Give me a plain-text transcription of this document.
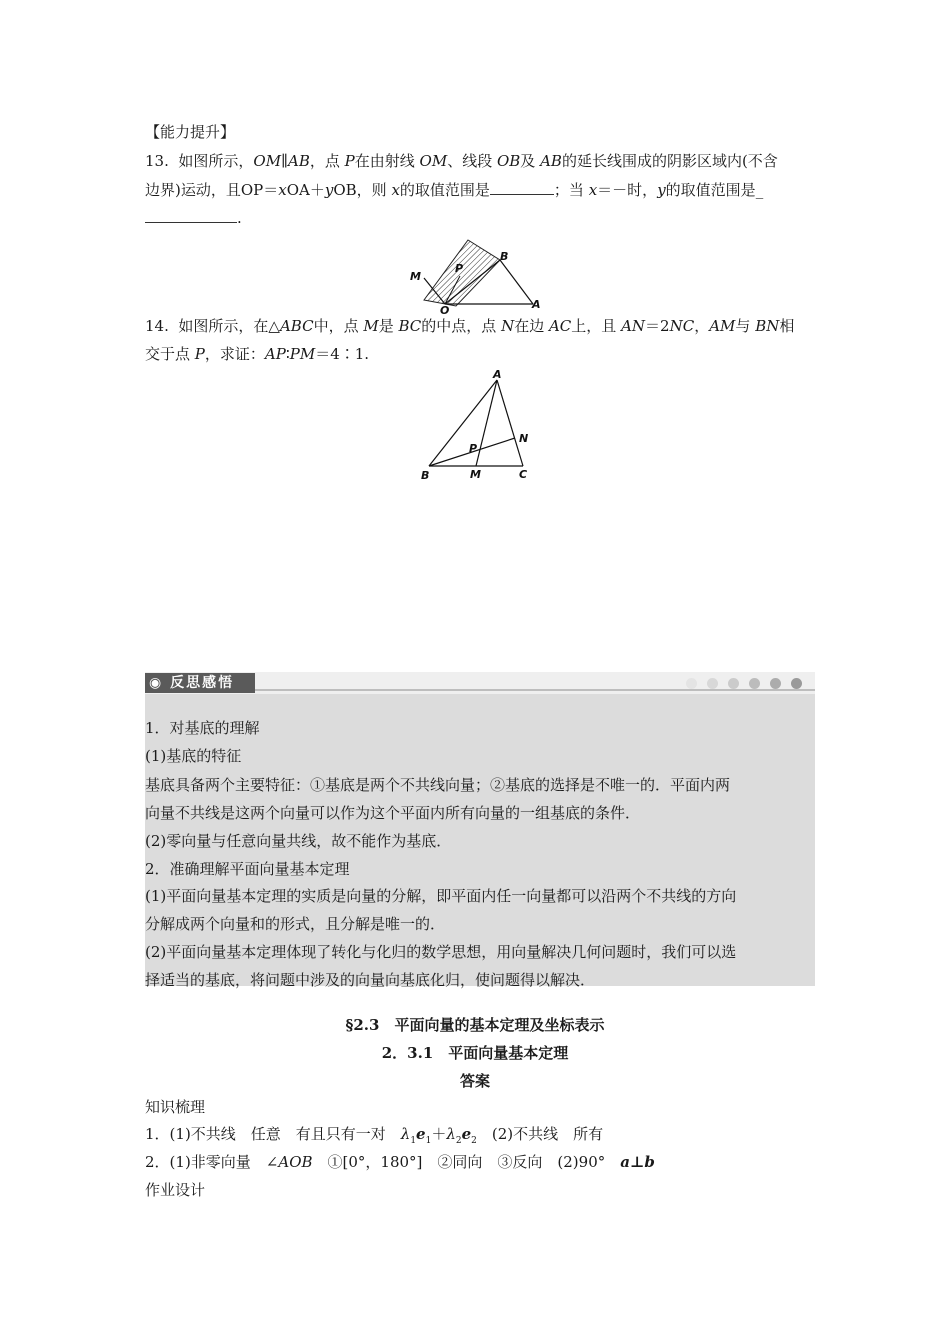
【能力提升】
13. 如图所示，OM∥AB，点 P在由射线 OM、线段 OB及 AB的延长线围成的阴影区域内(不含
边界)运动，且OP＝xOA＋yOB，则 x的取值范围是	；当 x＝－时，y的取值范围是_
.
M
P
B
O	A
14. 如图所示，在△ABC中，点 M是 BC的中点，点 N在边 AC上，且 AN＝2NC，AM与 BN相
交于点 P，求证：AP∶PM＝4∶1.
A
N
P
B	M	C
◉ 反思感悟
1．对基底的理解
(1)基底的特征
基底具备两个主要特征：①基底是两个不共线向量；②基底的选择是不唯一的．平面内两
向量不共线是这两个向量可以作为这个平面内所有向量的一组基底的条件．
(2)零向量与任意向量共线，故不能作为基底．
2．准确理解平面向量基本定理
(1)平面向量基本定理的实质是向量的分解，即平面内任一向量都可以沿两个不共线的方向
分解成两个向量和的形式，且分解是唯一的．
(2)平面向量基本定理体现了转化与化归的数学思想，用向量解决几何问题时，我们可以选
择适当的基底，将问题中涉及的向量向基底化归，使问题得以解决．
§2.3　平面向量的基本定理及坐标表示
2．3.1　平面向量基本定理
答案
知识梳理
1．(1)不共线　任意　有且只有一对　$\lambda_1e_1+\lambda_2e_2$　(2)不共线　所有
2．(1)非零向量　∠AOB　①[0°，180°]　②同向　③反向　(2)90°　a⊥b
作业设计
